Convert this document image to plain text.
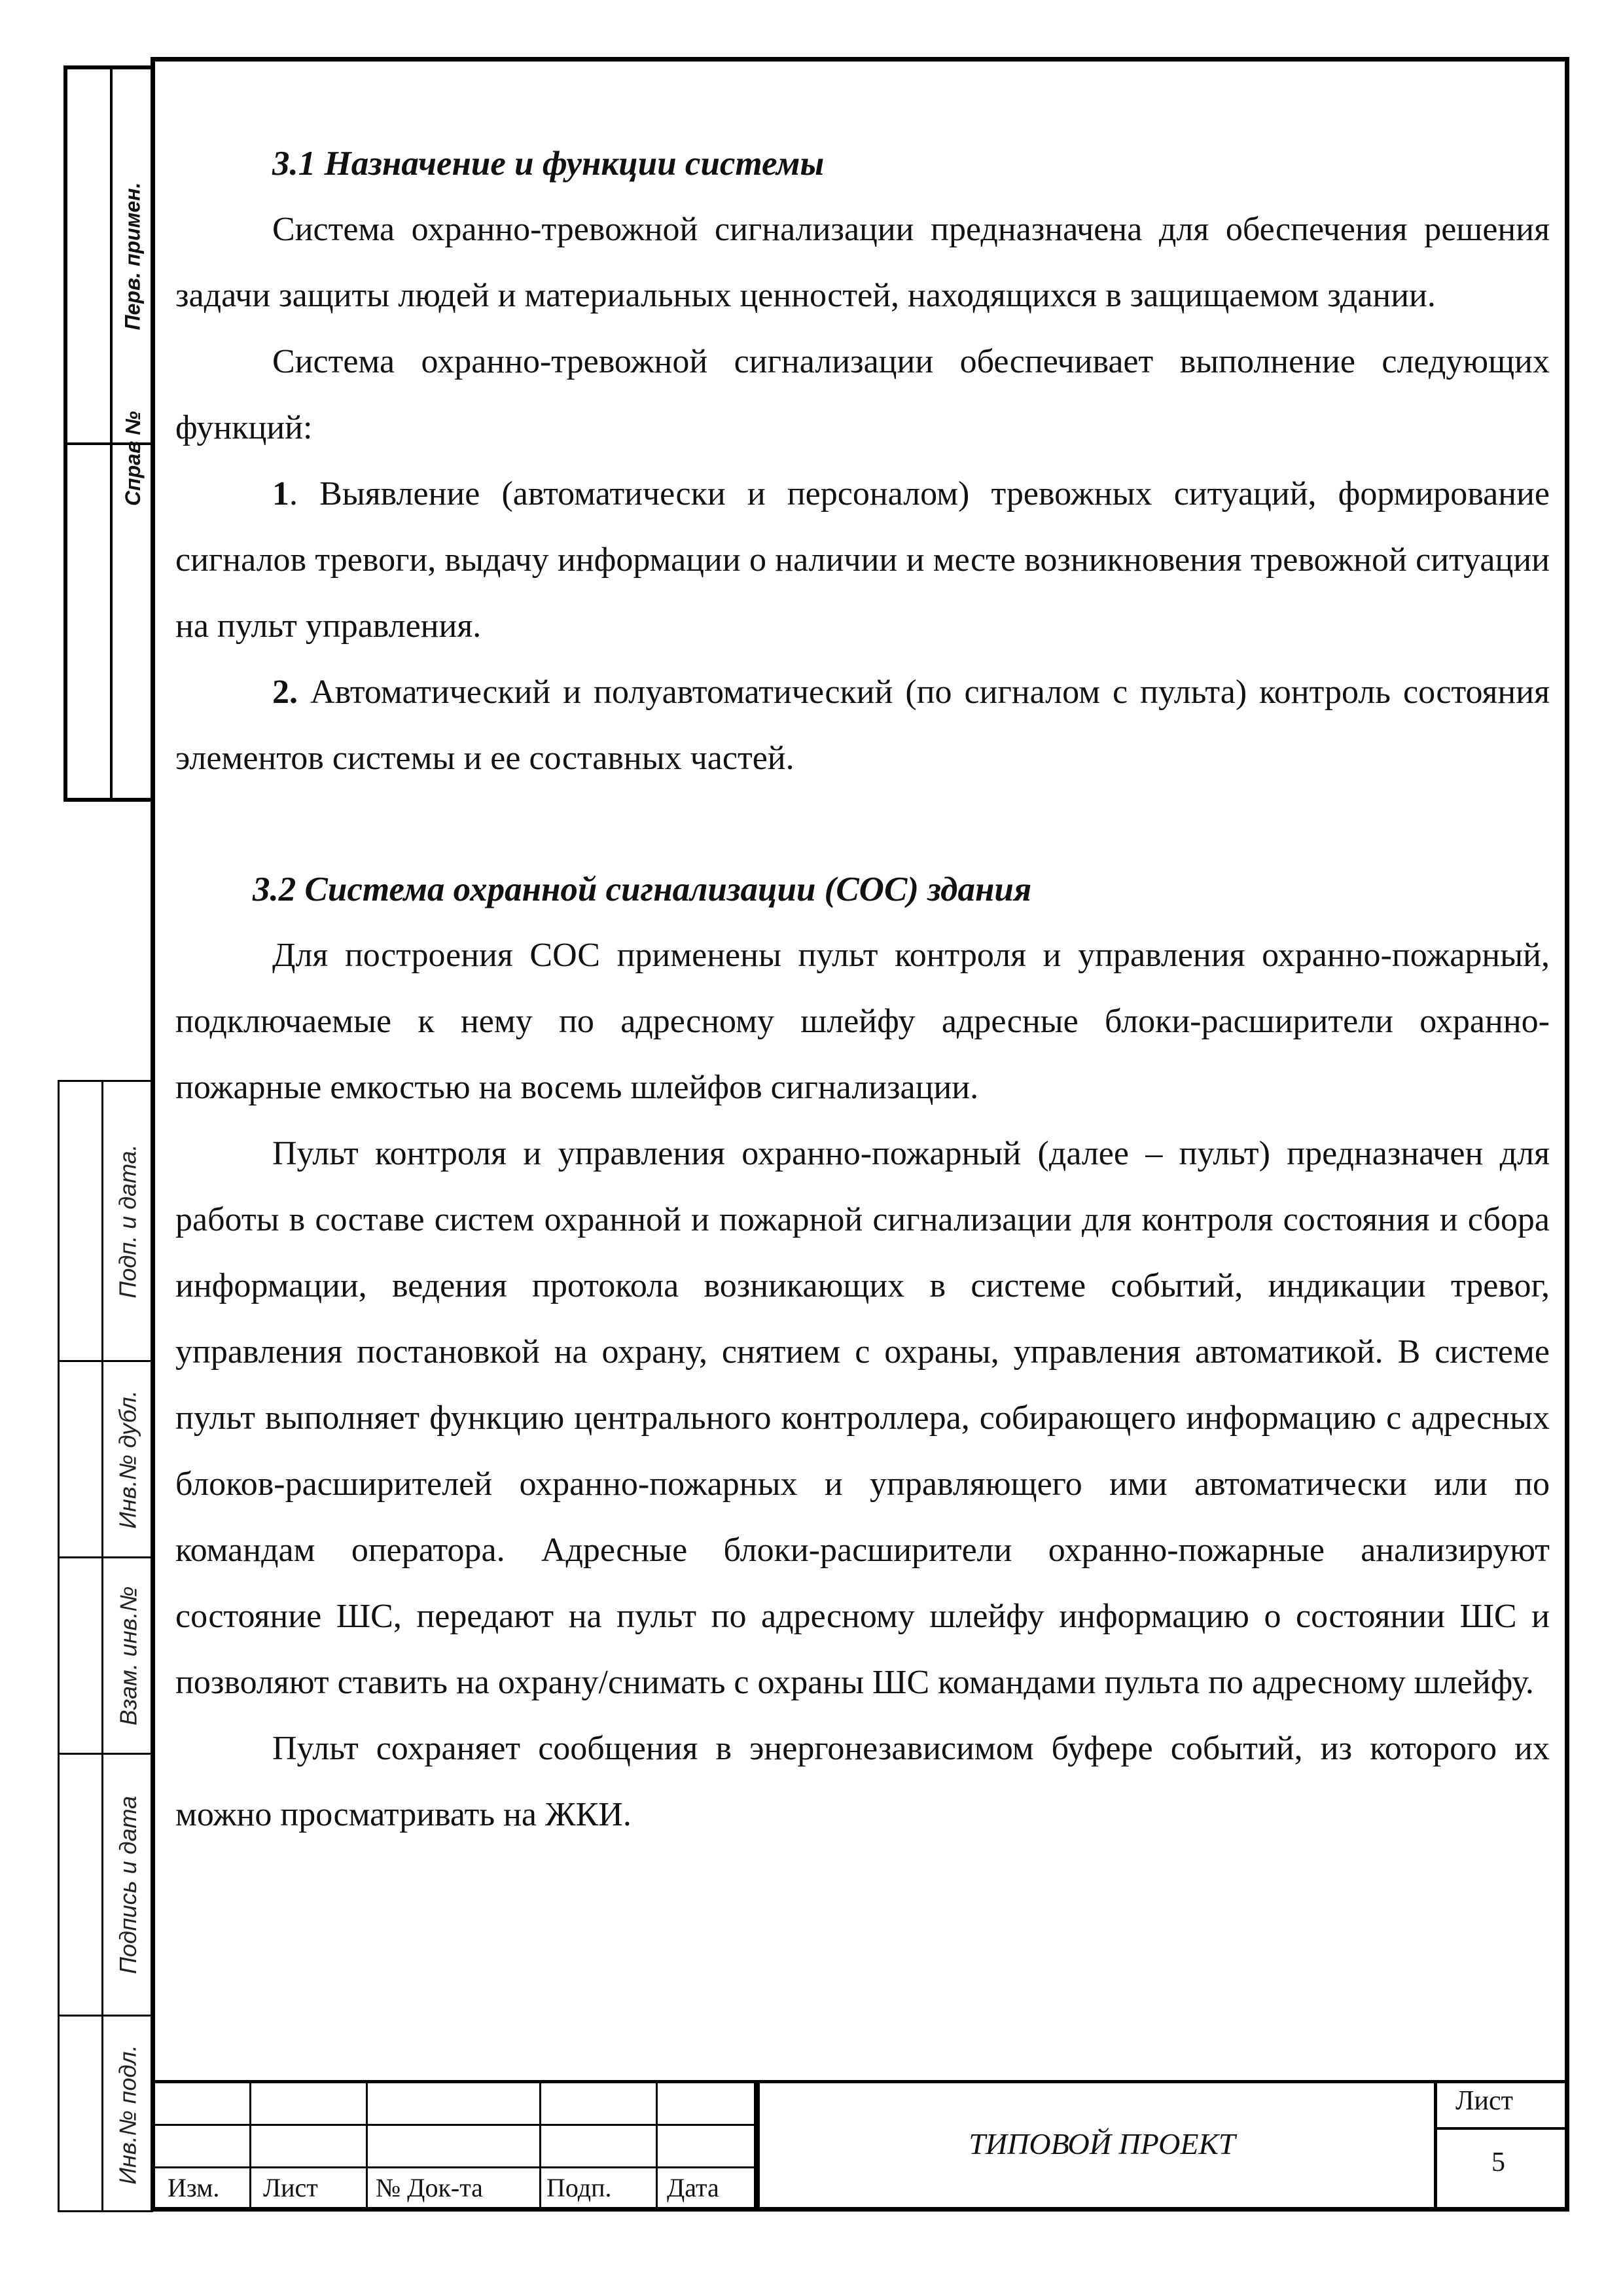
Перв. примен.
Справ №
Подп. и дата.
Инв.№ дубл.
Взам. инв.№
Подпись и дата
Инв.№ подл.
3.1 Назначение и функции системы

Система охранно-тревожной сигнализации предназначена для обеспечения решения задачи защиты людей и материальных ценностей, находящихся в защищаемом здании.

Система охранно-тревожной сигнализации обеспечивает выполнение следующих функций:

1. Выявление (автоматически и персоналом) тревожных ситуаций, формирование сигналов тревоги, выдачу информации о наличии и месте возникновения тревожной ситуации на пульт управления.

2. Автоматический и полуавтоматический (по сигналом с пульта) контроль состояния элементов системы и ее составных частей.

3.2 Система охранной сигнализации (СОС) здания

Для построения СОС применены пульт контроля и управления охранно-пожарный, подключаемые к нему по адресному шлейфу адресные блоки-расширители охранно-пожарные емкостью на восемь шлейфов сигнализации.

Пульт контроля и управления охранно-пожарный (далее – пульт) предназначен для работы в составе систем охранной и пожарной сигнализации для контроля состояния и сбора информации, ведения протокола возникающих в системе событий, индикации тревог, управления постановкой на охрану, снятием с охраны, управления автоматикой. В системе пульт выполняет функцию центрального контроллера, собирающего информацию с адресных блоков-расширителей охранно-пожарных и управляющего ими автоматически или по командам оператора. Адресные блоки-расширители охранно-пожарные анализируют состояние ШС, передают на пульт по адресному шлейфу информацию о состоянии ШС и позволяют ставить на охрану/снимать с охраны ШС командами пульта по адресному шлейфу.

Пульт сохраняет сообщения в энергонезависимом буфере событий, из которого их можно просматривать на ЖКИ.

Изм. Лист № Док-та Подп. Дата
ТИПОВОЙ ПРОЕКТ
Лист
5
